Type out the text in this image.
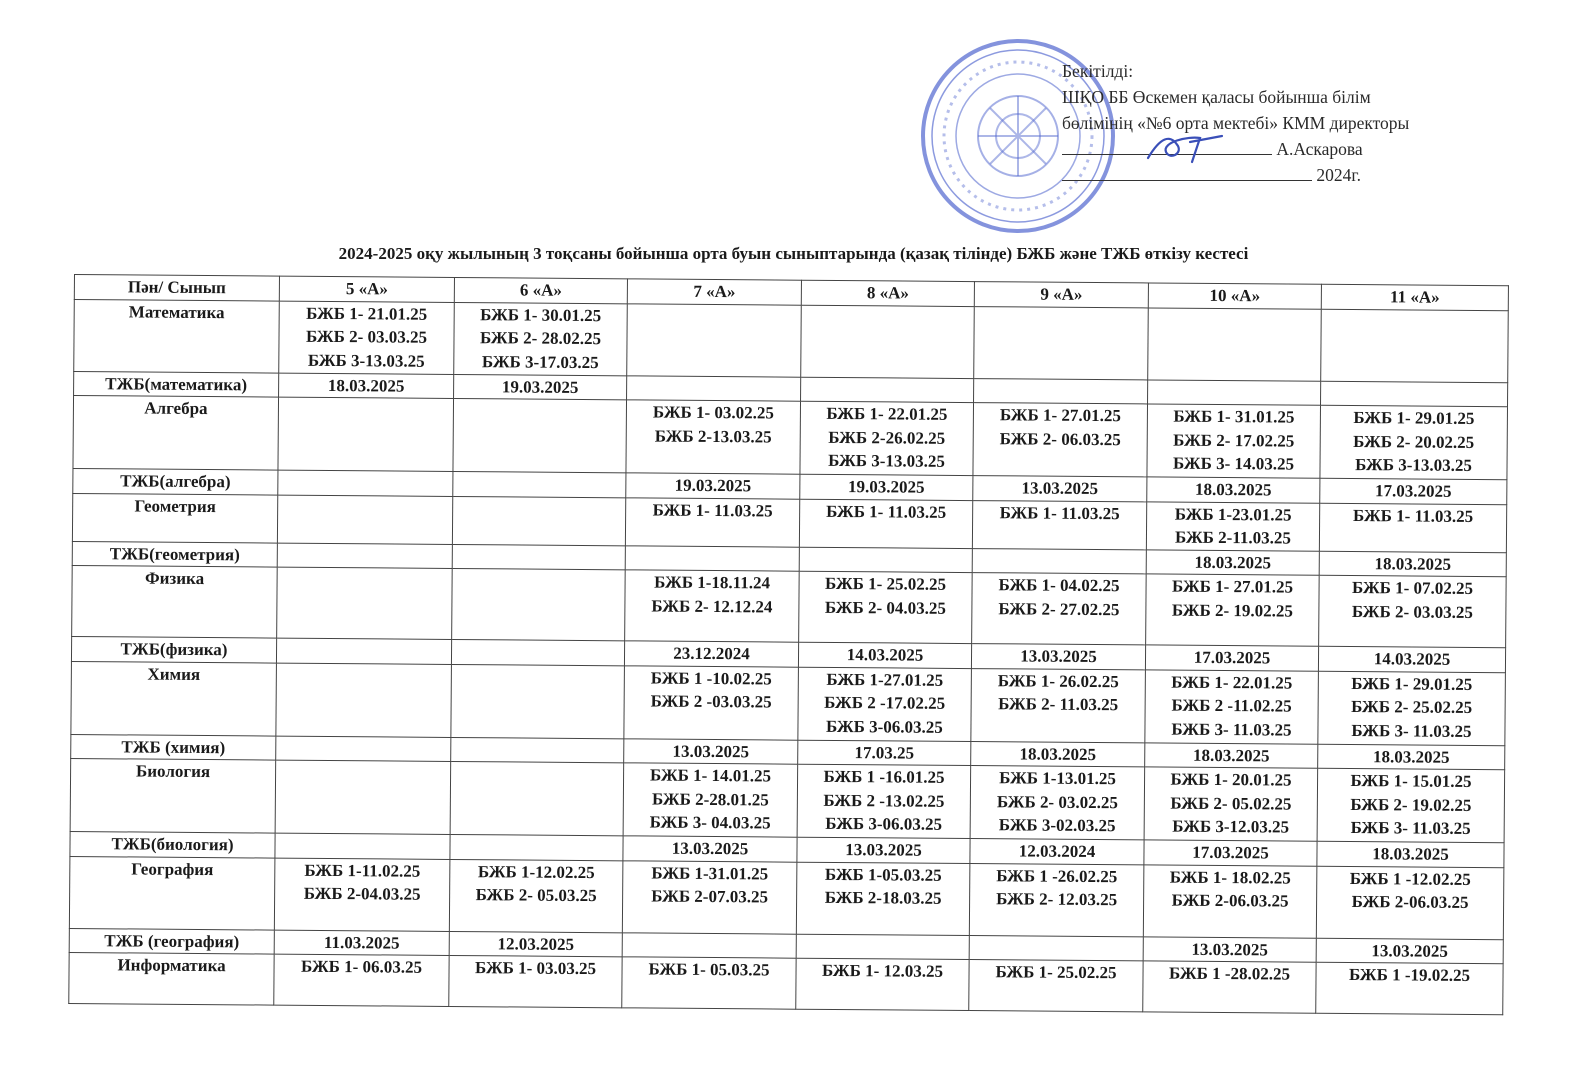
Бекітілді:
ШҚО ББ Өскемен қаласы бойынша білім
бөлімінің «№6 орта мектебі» КММ директоры
А.Аскарова
2024г.
2024-2025 оқу жылының 3 тоқсаны бойынша орта буын сыныптарында (қазақ тілінде) БЖБ және ТЖБ өткізу кестесі
Пән/ Сынып	5 «А»	6 «А»	7 «А»	8 «А»	9 «А»	10 «А»	11 «А»
Математика	БЖБ 1- 21.01.25
БЖБ 2- 03.03.25
БЖБ 3-13.03.25	БЖБ 1- 30.01.25
БЖБ 2- 28.02.25
БЖБ 3-17.03.25					

ТЖБ(математика)	18.03.2025	19.03.2025					

Алгебра			БЖБ 1- 03.02.25
БЖБ 2-13.03.25	БЖБ 1- 22.01.25
БЖБ 2-26.02.25
БЖБ 3-13.03.25	БЖБ 1- 27.01.25
БЖБ 2- 06.03.25	БЖБ 1- 31.01.25
БЖБ 2- 17.02.25
БЖБ 3- 14.03.25	БЖБ 1- 29.01.25
БЖБ 2- 20.02.25
БЖБ 3-13.03.25

ТЖБ(алгебра)			19.03.2025	19.03.2025	13.03.2025	18.03.2025	17.03.2025

Геометрия			БЖБ 1- 11.03.25	БЖБ 1- 11.03.25	БЖБ 1- 11.03.25	БЖБ 1-23.01.25
БЖБ 2-11.03.25	БЖБ 1- 11.03.25

ТЖБ(геометрия)						18.03.2025	18.03.2025

Физика			БЖБ 1-18.11.24
БЖБ 2- 12.12.24	БЖБ 1- 25.02.25
БЖБ 2- 04.03.25	БЖБ 1- 04.02.25
БЖБ 2- 27.02.25	БЖБ 1- 27.01.25
БЖБ 2- 19.02.25	БЖБ 1- 07.02.25
БЖБ 2- 03.03.25

ТЖБ(физика)			23.12.2024	14.03.2025	13.03.2025	17.03.2025	14.03.2025

Химия			БЖБ 1 -10.02.25
БЖБ 2 -03.03.25	БЖБ 1-27.01.25
БЖБ 2 -17.02.25
БЖБ 3-06.03.25	БЖБ 1- 26.02.25
БЖБ 2- 11.03.25	БЖБ 1- 22.01.25
БЖБ 2 -11.02.25
БЖБ 3- 11.03.25	БЖБ 1- 29.01.25
БЖБ 2- 25.02.25
БЖБ 3- 11.03.25

ТЖБ (химия)			13.03.2025	17.03.25	18.03.2025	18.03.2025	18.03.2025

Биология			БЖБ 1- 14.01.25
БЖБ 2-28.01.25
БЖБ 3- 04.03.25	БЖБ 1 -16.01.25
БЖБ 2 -13.02.25
БЖБ 3-06.03.25	БЖБ 1-13.01.25
БЖБ 2- 03.02.25
БЖБ 3-02.03.25	БЖБ 1- 20.01.25
БЖБ 2- 05.02.25
БЖБ 3-12.03.25	БЖБ 1- 15.01.25
БЖБ 2- 19.02.25
БЖБ 3- 11.03.25

ТЖБ(биология)			13.03.2025	13.03.2025	12.03.2024	17.03.2025	18.03.2025

География	БЖБ 1-11.02.25
БЖБ 2-04.03.25	БЖБ 1-12.02.25
БЖБ 2- 05.03.25	БЖБ 1-31.01.25
БЖБ 2-07.03.25	БЖБ 1-05.03.25
БЖБ 2-18.03.25	БЖБ 1 -26.02.25
БЖБ 2- 12.03.25	БЖБ 1- 18.02.25
БЖБ 2-06.03.25	БЖБ 1 -12.02.25
БЖБ 2-06.03.25

ТЖБ (география)	11.03.2025	12.03.2025				13.03.2025	13.03.2025

Информатика	БЖБ 1- 06.03.25	БЖБ 1- 03.03.25	БЖБ 1- 05.03.25	БЖБ 1- 12.03.25	БЖБ 1- 25.02.25	БЖБ 1 -28.02.25	БЖБ 1 -19.02.25
